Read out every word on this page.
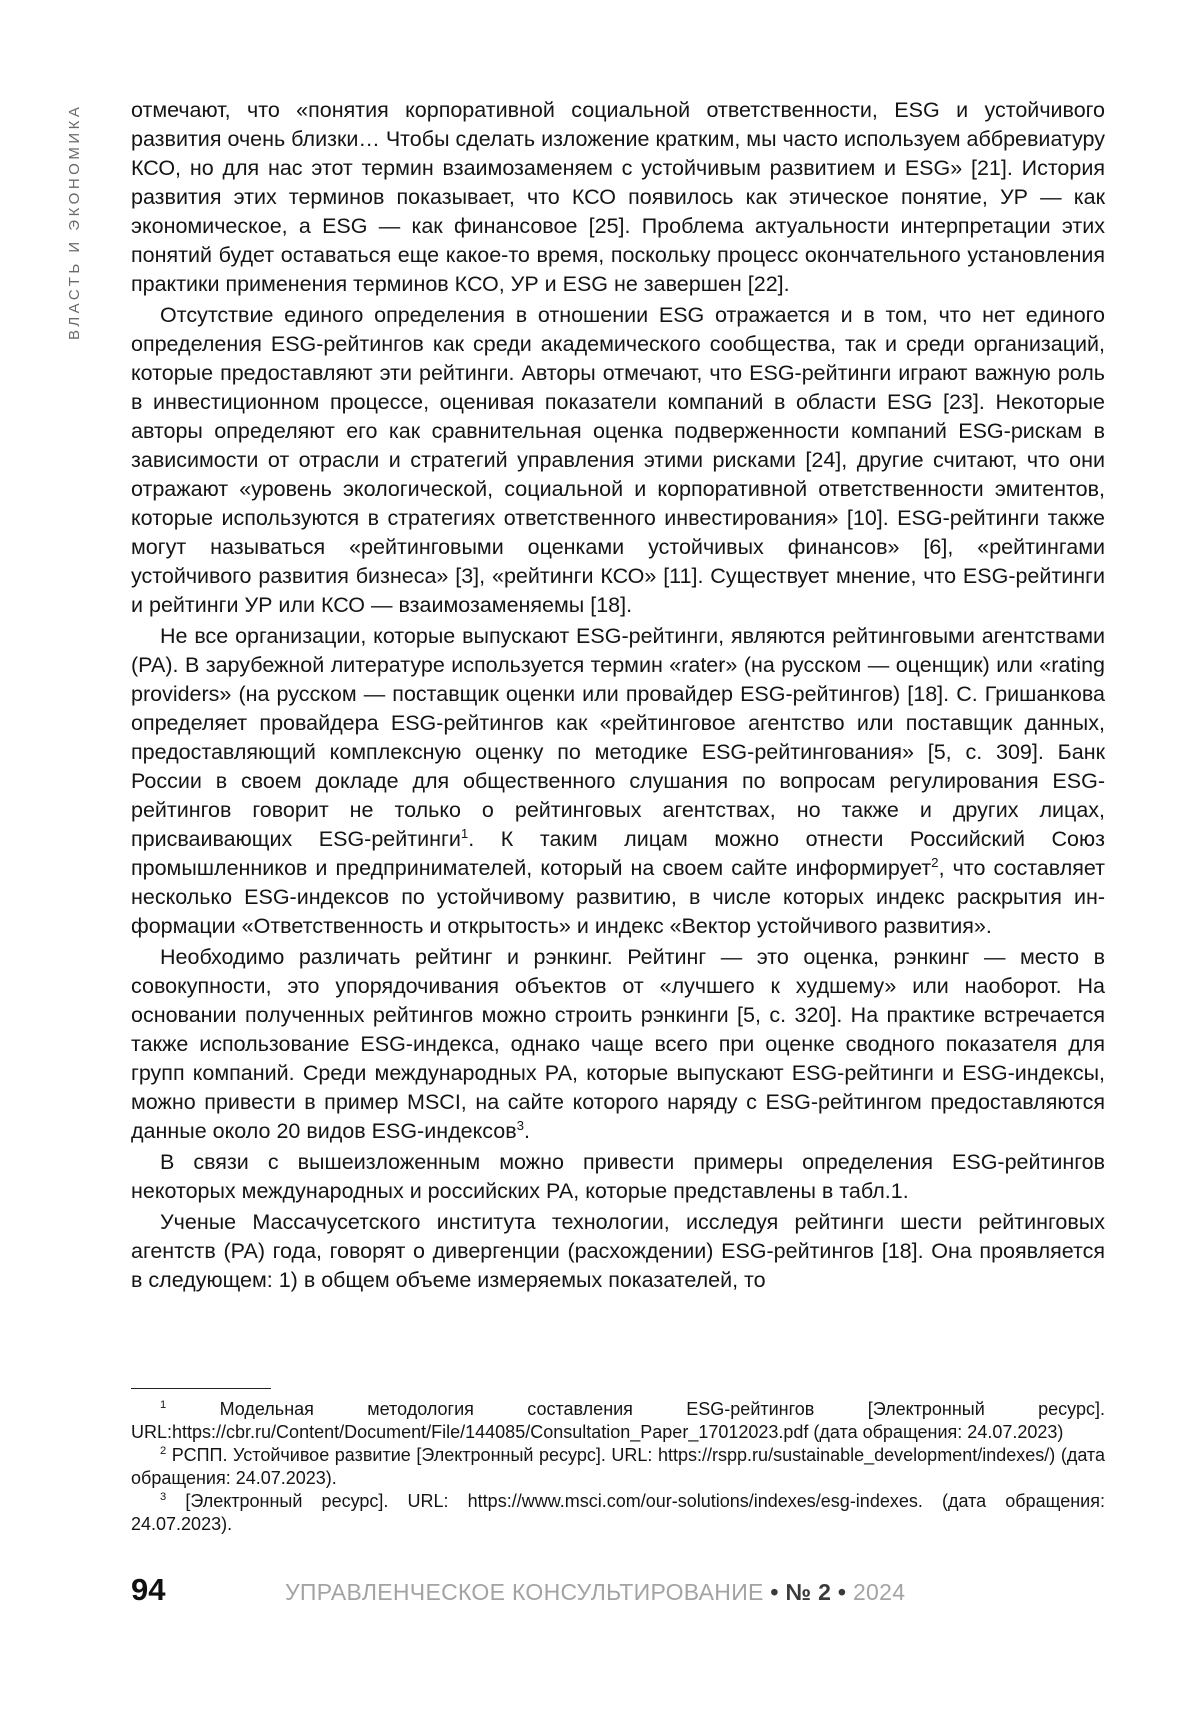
ВЛАСТЬ И ЭКОНОМИКА отмечают, что «понятия корпоративной социальной ответственности, ESG и устой­чивого развития очень близки… Чтобы сделать изложение кратким, мы часто ис­пользуем аббревиатуру КСО, но для нас этот термин взаимозаменяем с устойчивым развитием и ESG» [21]. История развития этих терминов показывает, что КСО появилось как этическое понятие, УР — как экономическое, а ESG — как финан­совое [25]. Проблема актуальности интерпретации этих понятий будет оставаться еще какое-то время, поскольку процесс окончательного установления практики применения терминов КСО, УР и ESG не завершен [22].

Отсутствие единого определения в отношении ESG отражается и в том, что нет единого определения ESG-рейтингов как среди академического сообщества, так и среди организаций, которые предоставляют эти рейтинги. Авторы отмечают, что ESG-рейтинги играют важную роль в инвестиционном процессе, оценивая показа­тели компаний в области ESG [23]. Некоторые авторы определяют его как сравни­тельная оценка подверженности компаний ESG-рискам в зависимости от отрасли и стратегий управления этими рисками [24], другие считают, что они отражают «уровень экологической, социальной и корпоративной ответственности эмитентов, которые используются в стратегиях ответственного инвестирования» [10]. ESG-рейтинги также могут называться «рейтинговыми оценками устойчивых финансов» [6], «рейтингами устойчивого развития бизнеса» [3], «рейтинги КСО» [11]. Суще­ствует мнение, что ESG-рейтинги и рейтинги УР или КСО — взаимозаменяемы [18].

Не все организации, которые выпускают ESG-рейтинги, являются рейтинговыми агентствами (РА). В зарубежной литературе используется термин «rater» (на рус­ском — оценщик) или «rating providers» (на русском — поставщик оценки или про­вайдер ESG-рейтингов) [18]. С. Гришанкова определяет провайдера ESG-рейтингов как «рейтинговое агентство или поставщик данных, предоставляющий комплексную оценку по методике ESG-рейтингования» [5, с. 309]. Банк России в своем докладе для общественного слушания по вопросам регулирования ESG-рейтингов говорит не только о рейтинговых агентствах, но также и других лицах, присваивающих ESG-рейтинги1. К таким лицам можно отнести Российский Союз промышленников и пред­принимателей, который на своем сайте информирует2, что составляет несколько ESG-индексов по устойчивому развитию, в числе которых индекс раскрытия ин­формации «Ответственность и открытость» и индекс «Вектор устойчивого развития».

Необходимо различать рейтинг и рэнкинг. Рейтинг — это оценка, рэнкинг — место в совокупности, это упорядочивания объектов от «лучшего к худшему» или наоборот. На основании полученных рейтингов можно строить рэнкинги [5, с. 320]. На практике встречается также использование ESG-индекса, однако чаще всего при оценке сводного показателя для групп компаний. Среди международных РА, которые выпускают ESG-рейтинги и ESG-индексы, можно привести в пример MSCI, на сайте которого наряду с ESG-рейтингом предоставляются данные около 20 ви­дов ESG-индексов3.

В связи с вышеизложенным можно привести примеры определения ESG-рейтингов некоторых международных и российских РА, которые представлены в табл.1.

Ученые Массачусетского института технологии, исследуя рейтинги шести рейтин­говых агентств (РА) года, говорят о дивергенции (расхождении) ESG-рейтингов [18]. Она проявляется в следующем: 1) в общем объеме измеряемых показателей, то

1 Модельная методология составления ESG-рейтингов [Электронный ресурс]. URL:https://cbr.ru/Content/Document/File/144085/Consultation_Paper_17012023.pdf (дата обращения: 24.07.2023)

2 РСПП. Устойчивое развитие [Электронный ресурс]. URL: https://rspp.ru/sustainable_deve­lopment/indexes/) (дата обращения: 24.07.2023).

3 [Электронный ресурс]. URL: https://www.msci.com/our-solutions/indexes/esg-indexes. (да­та обращения: 24.07.2023).

94	УПРАВЛЕНЧЕСКОЕ КОНСУЛЬТИРОВАНИЕ • № 2 • 2024
